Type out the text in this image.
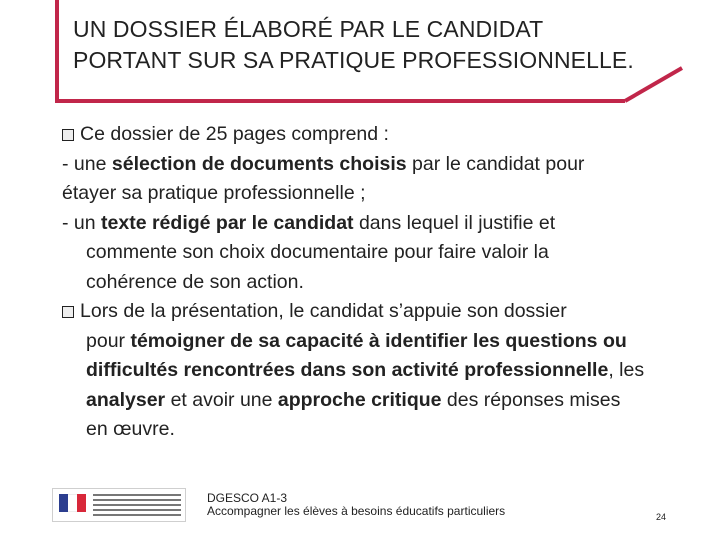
UN DOSSIER ÉLABORÉ PAR LE CANDIDAT
PORTANT SUR SA PRATIQUE PROFESSIONNELLE.

Ce dossier de 25 pages comprend :

- une sélection de documents choisis par le candidat pour

étayer sa pratique professionnelle ;

- un texte rédigé par le candidat dans lequel il justifie et

commente son choix documentaire pour faire valoir la

cohérence de son action.

Lors de la présentation, le candidat s’appuie son dossier

pour témoigner de sa capacité à identifier les questions ou

difficultés rencontrées dans son activité professionnelle, les

analyser et avoir une approche critique des réponses mises

en œuvre.

DGESCO A1-3
Accompagner les élèves à besoins éducatifs particuliers	24
